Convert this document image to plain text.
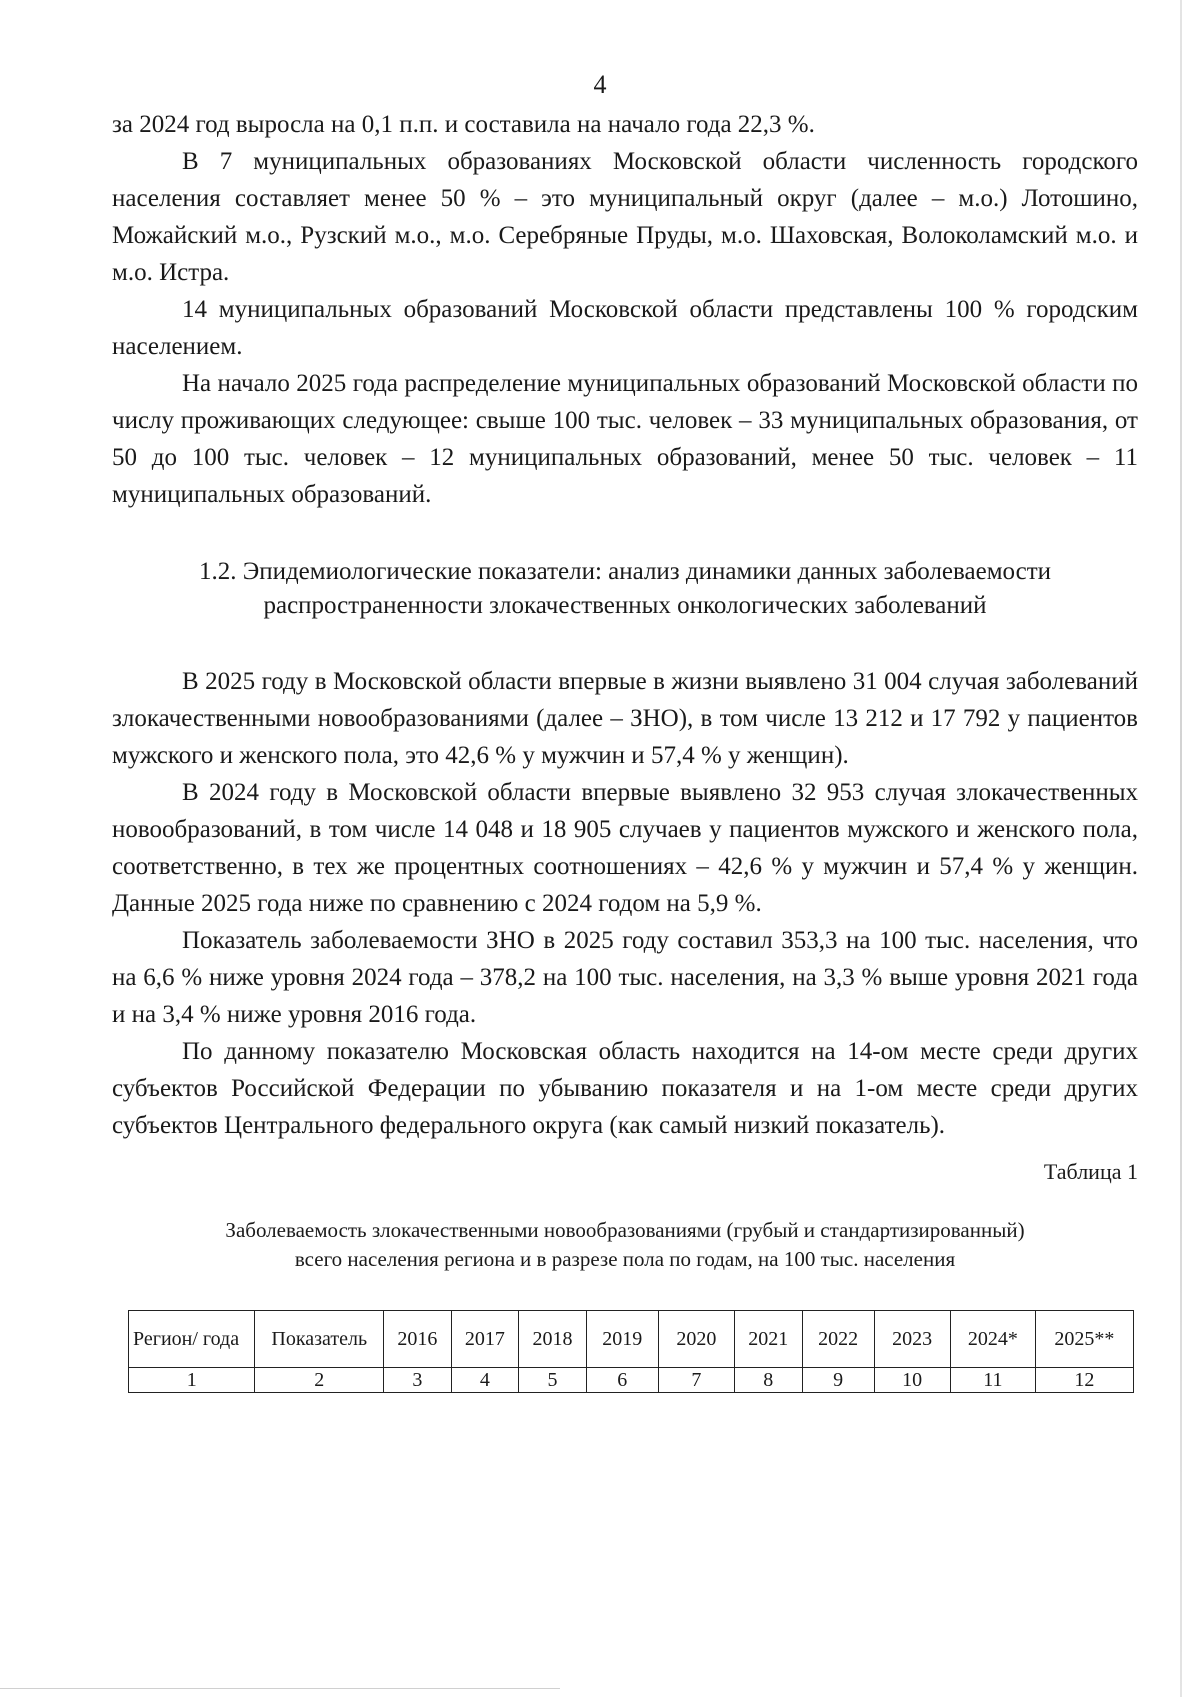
4

за 2024 год выросла на 0,1 п.п. и составила на начало года 22,3 %.

В 7 муниципальных образованиях Московской области численность городского населения составляет менее 50 % – это муниципальный округ (далее – м.о.) Лотошино, Можайский м.о., Рузский м.о., м.о. Серебряные Пруды, м.о. Шаховская, Волоколамский м.о. и м.о. Истра.

14 муниципальных образований Московской области представлены 100 % городским населением.

На начало 2025 года распределение муниципальных образований Московской области по числу проживающих следующее: свыше 100 тыс. человек – 33 муниципальных образования, от 50 до 100 тыс. человек – 12 муниципальных образований, менее 50 тыс. человек – 11 муниципальных образований.

1.2. Эпидемиологические показатели: анализ динамики данных заболеваемости
распространенности злокачественных онкологических заболеваний

В 2025 году в Московской области впервые в жизни выявлено 31 004 случая заболеваний злокачественными новообразованиями (далее – ЗНО), в том числе 13 212 и 17 792 у пациентов мужского и женского пола, это 42,6 % у мужчин и 57,4 % у женщин).

В 2024 году в Московской области впервые выявлено 32 953 случая злокачественных новообразований, в том числе 14 048 и 18 905 случаев у пациентов мужского и женского пола, соответственно, в тех же процентных соотношениях – 42,6 % у мужчин и 57,4 % у женщин. Данные 2025 года ниже по сравнению с 2024 годом на 5,9 %.

Показатель заболеваемости ЗНО в 2025 году составил 353,3 на 100 тыс. населения, что на 6,6 % ниже уровня 2024 года – 378,2 на 100 тыс. населения, на 3,3 % выше уровня 2021 года и на 3,4 % ниже уровня 2016 года.

По данному показателю Московская область находится на 14-ом месте среди других субъектов Российской Федерации по убыванию показателя и на 1-ом месте среди других субъектов Центрального федерального округа (как самый низкий показатель).

Таблица 1
Заболеваемость злокачественными новообразованиями (грубый и стандартизированный)
всего населения региона и в разрезе пола по годам, на 100 тыс. населения
Регион/ года	Показатель	2016	2017	2018	2019	2020	2021	2022	2023	2024*	2025**
1	2	3	4	5	6	7	8	9	10	11	12
